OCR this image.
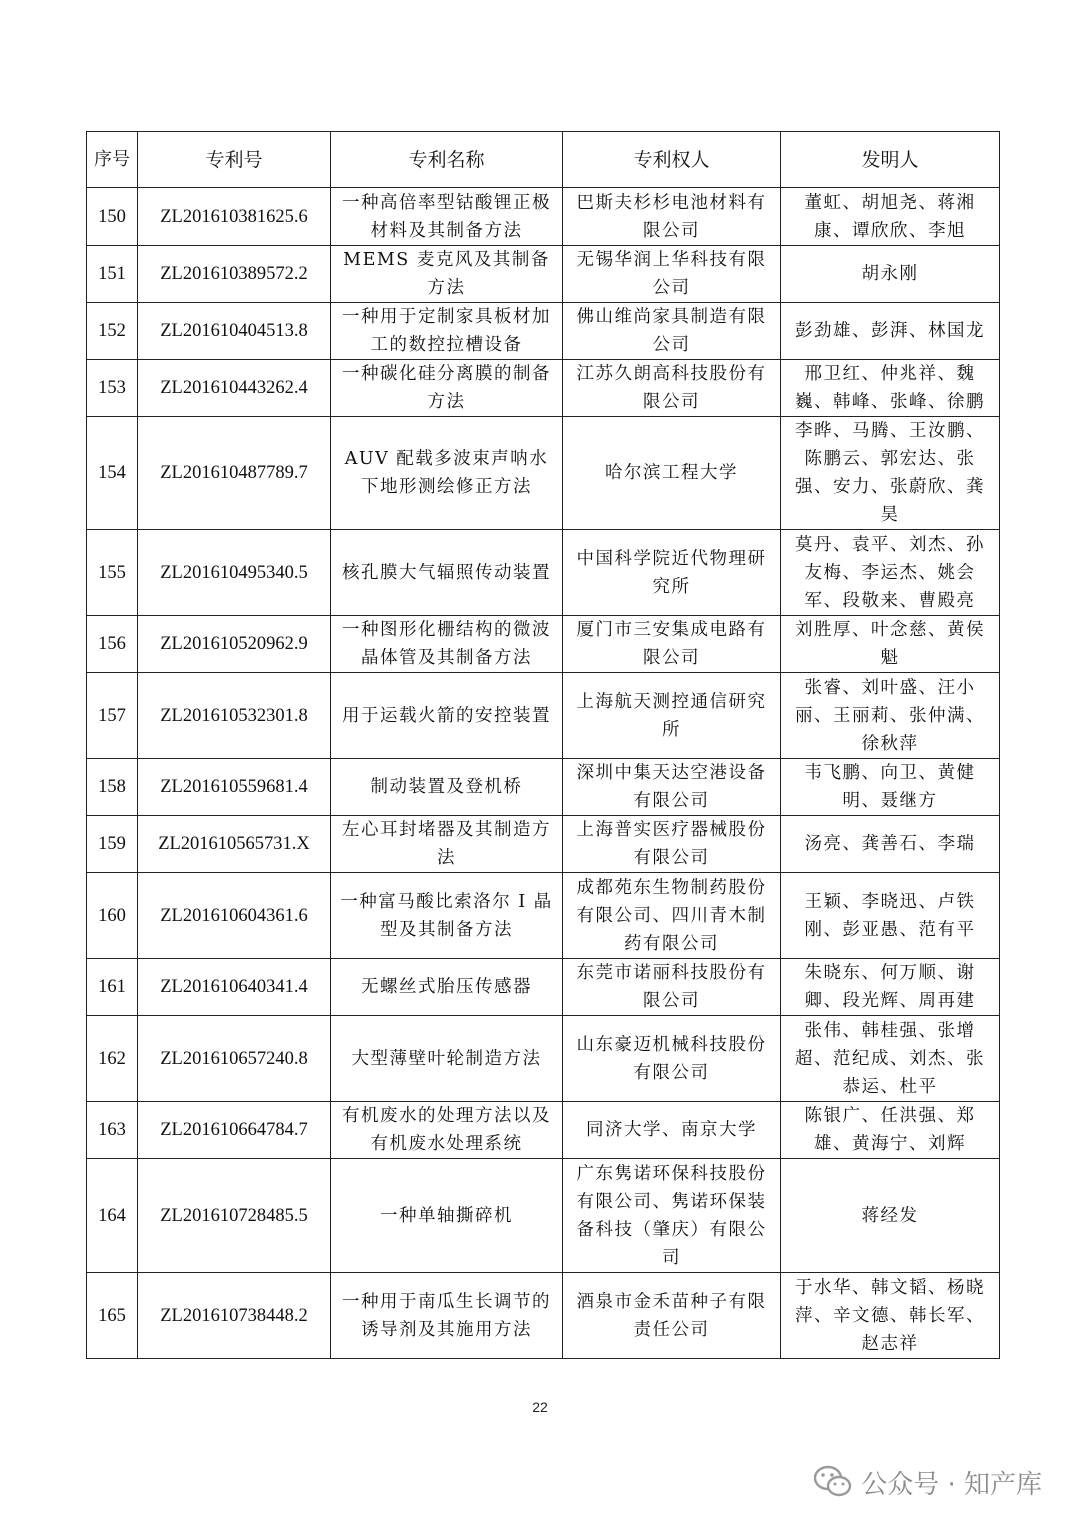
序号	专利号	专利名称	专利权人	发明人
150	ZL201610381625.6	一种高倍率型钴酸锂正极材料及其制备方法	巴斯夫杉杉电池材料有限公司	董虹、胡旭尧、蒋湘康、谭欣欣、李旭
151	ZL201610389572.2	MEMS 麦克风及其制备方法	无锡华润上华科技有限公司	胡永刚
152	ZL201610404513.8	一种用于定制家具板材加工的数控拉槽设备	佛山维尚家具制造有限公司	彭劲雄、彭湃、林国龙
153	ZL201610443262.4	一种碳化硅分离膜的制备方法	江苏久朗高科技股份有限公司	邢卫红、仲兆祥、魏巍、韩峰、张峰、徐鹏
154	ZL201610487789.7	AUV 配载多波束声呐水下地形测绘修正方法	哈尔滨工程大学	李晔、马腾、王汝鹏、陈鹏云、郭宏达、张强、安力、张蔚欣、龚昊
155	ZL201610495340.5	核孔膜大气辐照传动装置	中国科学院近代物理研究所	莫丹、袁平、刘杰、孙友梅、李运杰、姚会军、段敬来、曹殿亮
156	ZL201610520962.9	一种图形化栅结构的微波晶体管及其制备方法	厦门市三安集成电路有限公司	刘胜厚、叶念慈、黄侯魁
157	ZL201610532301.8	用于运载火箭的安控装置	上海航天测控通信研究所	张睿、刘叶盛、汪小丽、王丽莉、张仲满、徐秋萍
158	ZL201610559681.4	制动装置及登机桥	深圳中集天达空港设备有限公司	韦飞鹏、向卫、黄健明、聂继方
159	ZL201610565731.X	左心耳封堵器及其制造方法	上海普实医疗器械股份有限公司	汤亮、龚善石、李瑞
160	ZL201610604361.6	一种富马酸比索洛尔 I 晶型及其制备方法	成都苑东生物制药股份有限公司、四川青木制药有限公司	王颖、李晓迅、卢铁刚、彭亚愚、范有平
161	ZL201610640341.4	无螺丝式胎压传感器	东莞市诺丽科技股份有限公司	朱晓东、何万顺、谢卿、段光辉、周再建
162	ZL201610657240.8	大型薄壁叶轮制造方法	山东豪迈机械科技股份有限公司	张伟、韩桂强、张增超、范纪成、刘杰、张恭运、杜平
163	ZL201610664784.7	有机废水的处理方法以及有机废水处理系统	同济大学、南京大学	陈银广、任洪强、郑雄、黄海宁、刘辉
164	ZL201610728485.5	一种单轴撕碎机	广东隽诺环保科技股份有限公司、隽诺环保装备科技（肇庆）有限公司	蒋经发
165	ZL201610738448.2	一种用于南瓜生长调节的诱导剂及其施用方法	酒泉市金禾苗种子有限责任公司	于水华、韩文韬、杨晓萍、辛文德、韩长军、赵志祥
22
公众号 · 知产库
